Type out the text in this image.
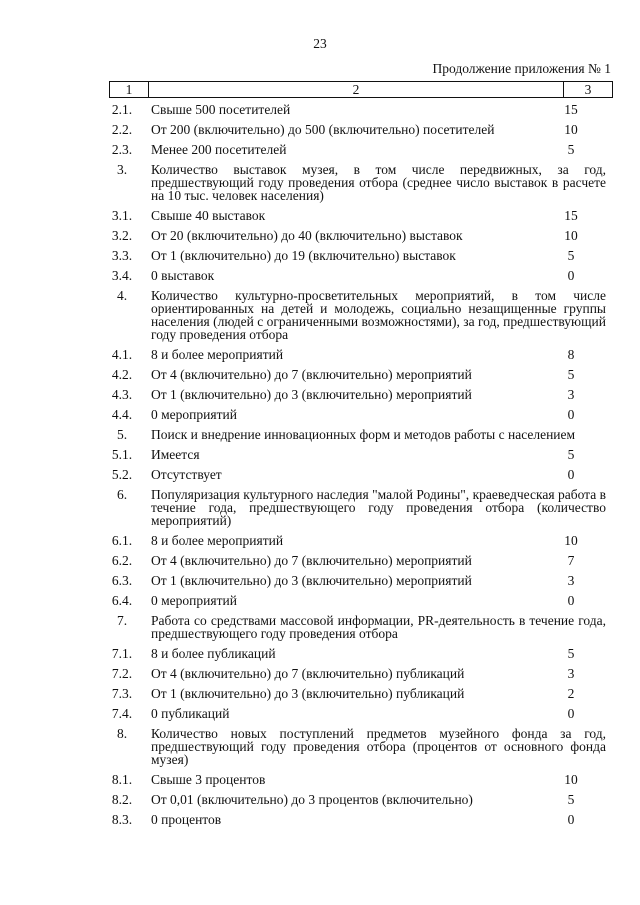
23
Продолжение приложения № 1
1	2	3
2.1.	Свыше 500 посетителей	15
2.2.	От 200 (включительно) до 500 (включительно) посетителей	10
2.3.	Менее 200 посетителей	5
3.	Количество выставок музея, в том числе передвижных, за год, предшествующий году проведения отбора (среднее число выставок в расчете на 10 тыс. человек населения)
3.1.	Свыше 40 выставок	15
3.2.	От 20 (включительно) до 40 (включительно) выставок	10
3.3.	От 1 (включительно) до 19 (включительно) выставок	5
3.4.	0 выставок	0
4.	Количество культурно-просветительных мероприятий, в том числе ориентированных на детей и молодежь, социально незащищенные группы населения (людей с ограниченными возможностями), за год, предшествующий году проведения отбора
4.1.	8 и более мероприятий	8
4.2.	От 4 (включительно) до 7 (включительно) мероприятий	5
4.3.	От 1 (включительно) до 3 (включительно) мероприятий	3
4.4.	0 мероприятий	0
5.	Поиск и внедрение инновационных форм и методов работы с населением
5.1.	Имеется	5
5.2.	Отсутствует	0
6.	Популяризация культурного наследия "малой Родины", краеведческая работа в течение года, предшествующего году проведения отбора (количество мероприятий)
6.1.	8 и более мероприятий	10
6.2.	От 4 (включительно) до 7 (включительно) мероприятий	7
6.3.	От 1 (включительно) до 3 (включительно) мероприятий	3
6.4.	0 мероприятий	0
7.	Работа со средствами массовой информации, PR-деятельность в течение года, предшествующего году проведения отбора
7.1.	8 и более публикаций	5
7.2.	От 4 (включительно) до 7 (включительно) публикаций	3
7.3.	От 1 (включительно) до 3 (включительно) публикаций	2
7.4.	0 публикаций	0
8.	Количество новых поступлений предметов музейного фонда за год, предшествующий году проведения отбора (процентов от основного фонда музея)
8.1.	Свыше 3 процентов	10
8.2.	От 0,01 (включительно) до 3 процентов (включительно)	5
8.3.	0 процентов	0
